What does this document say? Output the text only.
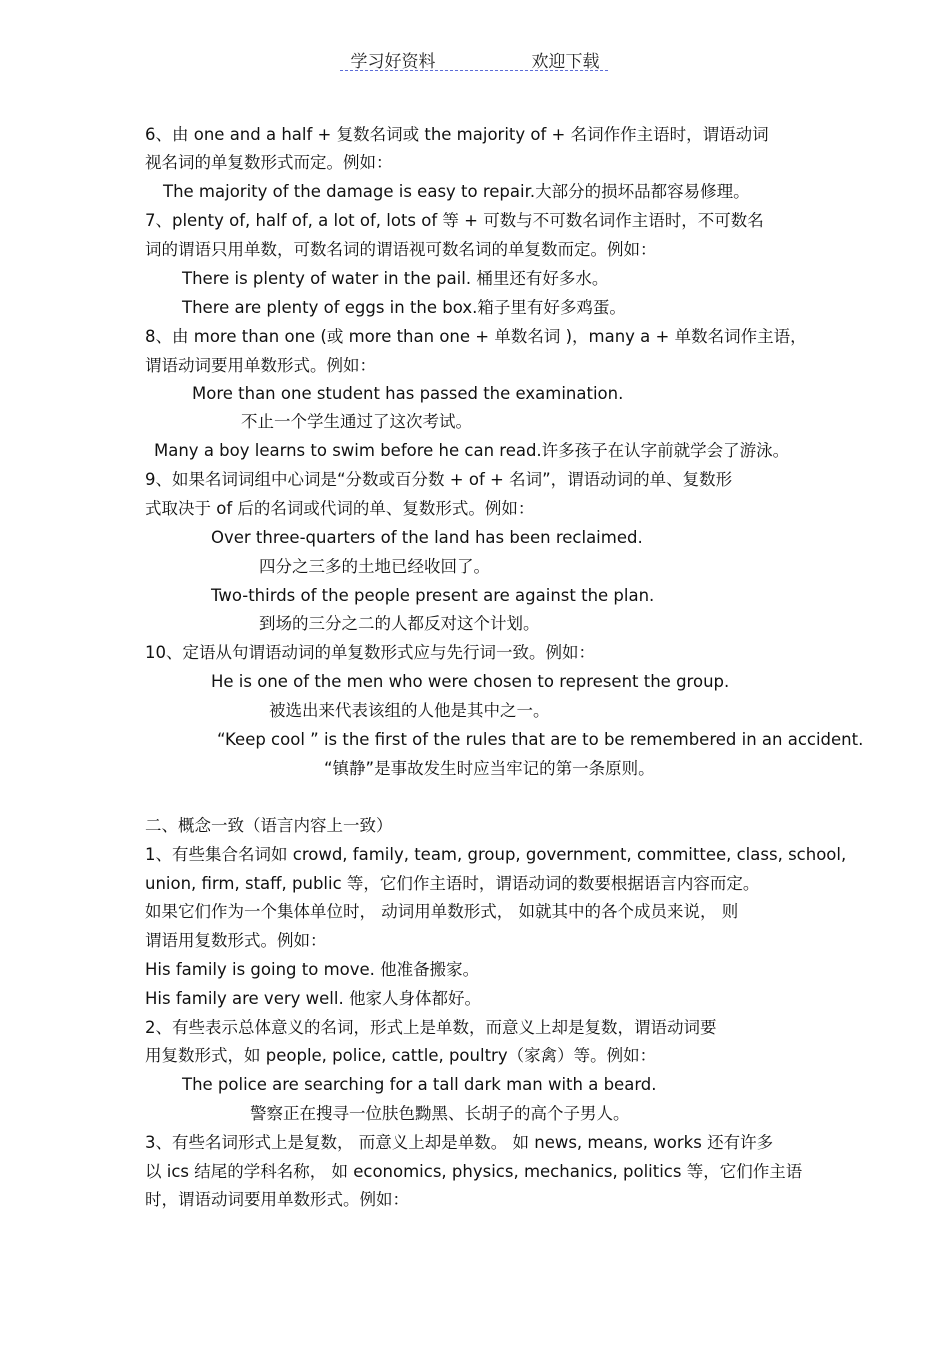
学习好资料	欢迎下载
6、由 one and a half + 复数名词或 the majority of + 名词作作主语时，谓语动词
视名词的单复数形式而定。例如：
The majority of the damage is easy to repair.大部分的损坏品都容易修理。
7、plenty of, half of, a lot of, lots of 等 + 可数与不可数名词作主语时，不可数名
词的谓语只用单数，可数名词的谓语视可数名词的单复数而定。例如：
There is plenty of water in the pail. 桶里还有好多水。
There are plenty of eggs in the box.箱子里有好多鸡蛋。
8、由 more than one (或 more than one + 单数名词 )，many a + 单数名词作主语，
谓语动词要用单数形式。例如：
More than one student has passed the examination.
不止一个学生通过了这次考试。
Many a boy learns to swim before he can read.许多孩子在认字前就学会了游泳。
9、如果名词词组中心词是“分数或百分数 + of + 名词”，谓语动词的单、复数形
式取决于 of 后的名词或代词的单、复数形式。例如：
Over three-quarters of the land has been reclaimed.
四分之三多的土地已经收回了。
Two-thirds of the people present are against the plan.
到场的三分之二的人都反对这个计划。
10、定语从句谓语动词的单复数形式应与先行词一致。例如：
He is one of the men who were chosen to represent the group.
被选出来代表该组的人他是其中之一。
“Keep cool ” is the first of the rules that are to be remembered in an accident.
“镇静”是事故发生时应当牢记的第一条原则。
二、概念一致（语言内容上一致）
1、有些集合名词如 crowd, family, team, group, government, committee, class, school,
union, firm, staff, public 等，它们作主语时，谓语动词的数要根据语言内容而定。
如果它们作为一个集体单位时， 动词用单数形式， 如就其中的各个成员来说， 则
谓语用复数形式。例如：
His family is going to move. 他准备搬家。
His family are very well. 他家人身体都好。
2、有些表示总体意义的名词，形式上是单数，而意义上却是复数，谓语动词要
用复数形式，如 people, police, cattle, poultry（家禽）等。例如：
The police are searching for a tall dark man with a beard.
警察正在搜寻一位肤色黝黑、长胡子的高个子男人。
3、有些名词形式上是复数， 而意义上却是单数。 如 news, means, works 还有许多
以 ics 结尾的学科名称， 如 economics, physics, mechanics, politics 等，它们作主语
时，谓语动词要用单数形式。例如：
